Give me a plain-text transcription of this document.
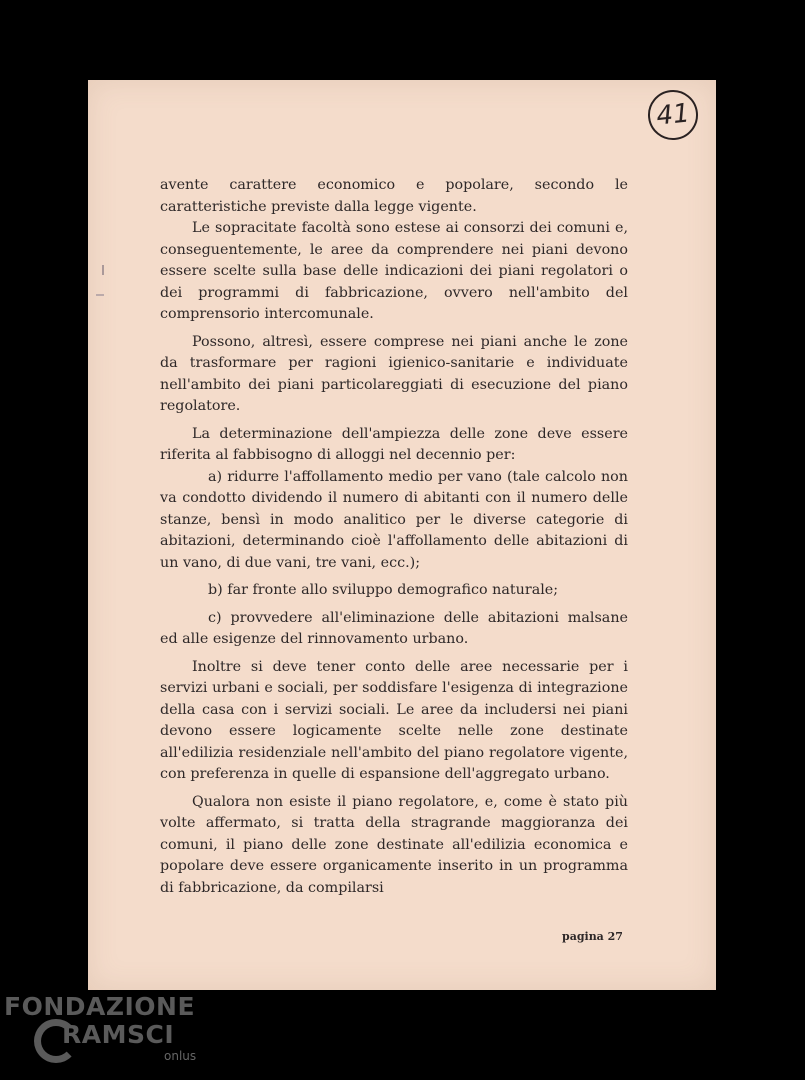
41

avente carattere economico e popolare, secondo le caratteristiche previste dalla legge vigente.

Le sopracitate facoltà sono estese ai consorzi dei comuni e, conseguentemente, le aree da comprendere nei piani devono essere scelte sulla base delle indicazioni dei piani regolatori o dei programmi di fabbricazione, ovvero nell'ambito del comprensorio intercomunale.

Possono, altresì, essere comprese nei piani anche le zone da trasformare per ragioni igienico-sanitarie e individuate nell'ambito dei piani particolareggiati di esecuzione del piano regolatore.

La determinazione dell'ampiezza delle zone deve essere riferita al fabbisogno di alloggi nel decennio per:

a) ridurre l'affollamento medio per vano (tale calcolo non va condotto dividendo il numero di abitanti con il numero delle stanze, bensì in modo analitico per le diverse categorie di abitazioni, determinando cioè l'affollamento delle abitazioni di un vano, di due vani, tre vani, ecc.);

b) far fronte allo sviluppo demografico naturale;

c) provvedere all'eliminazione delle abitazioni malsane ed alle esigenze del rinnovamento urbano.

Inoltre si deve tener conto delle aree necessarie per i servizi urbani e sociali, per soddisfare l'esigenza di integrazione della casa con i servizi sociali. Le aree da includersi nei piani devono essere logicamente scelte nelle zone destinate all'edilizia residenziale nell'ambito del piano regolatore vigente, con preferenza in quelle di espansione dell'aggregato urbano.

Qualora non esiste il piano regolatore, e, come è stato più volte affermato, si tratta della stragrande maggioranza dei comuni, il piano delle zone destinate all'edilizia economica e popolare deve essere organicamente inserito in un programma di fabbricazione, da compilarsi

pagina 27
FONDAZIONE
RAMSCI
onlus
